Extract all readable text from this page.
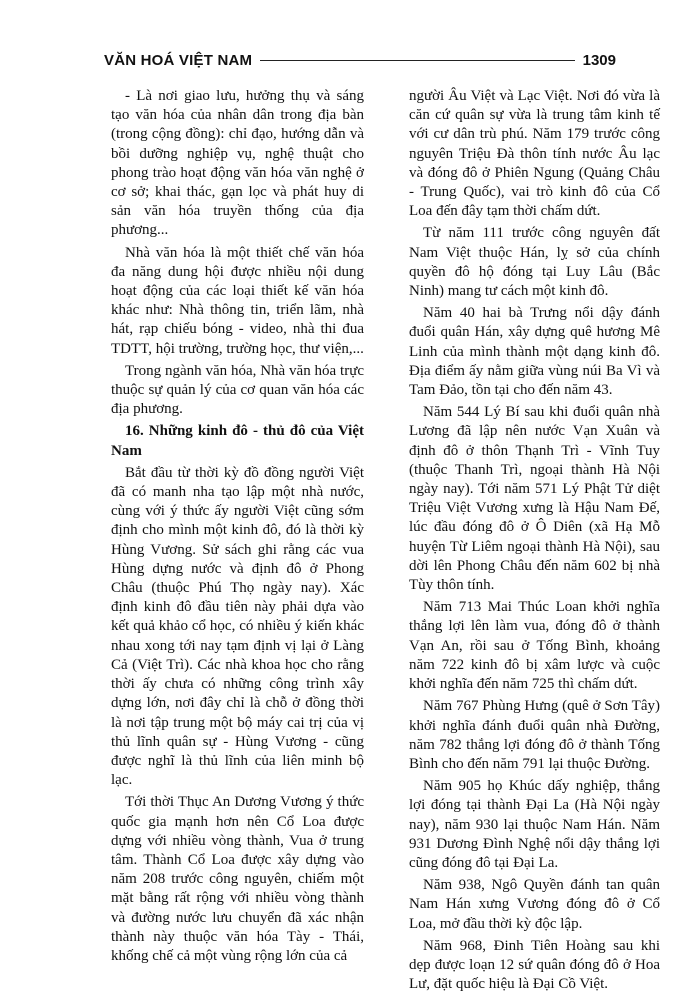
VĂN HOÁ VIỆT NAM	1309

- Là nơi giao lưu, hưởng thụ và sáng tạo văn hóa của nhân dân trong địa bàn (trong cộng đồng): chỉ đạo, hướng dẫn và bồi dưỡng nghiệp vụ, nghệ thuật cho phong trào hoạt động văn hóa văn nghệ ở cơ sở; khai thác, gạn lọc và phát huy di sản văn hóa truyền thống của địa phương...

Nhà văn hóa là một thiết chế văn hóa đa năng dung hội được nhiều nội dung hoạt động của các loại thiết kế văn hóa khác như: Nhà thông tin, triển lãm, nhà hát, rạp chiếu bóng - video, nhà thi đua TDTT, hội trường, trường học, thư viện,...

Trong ngành văn hóa, Nhà văn hóa trực thuộc sự quản lý của cơ quan văn hóa các địa phương.

16. Những kinh đô - thủ đô của Việt Nam

Bắt đầu từ thời kỳ đồ đồng người Việt đã có manh nha tạo lập một nhà nước, cùng với ý thức ấy người Việt cũng sớm định cho mình một kinh đô, đó là thời kỳ Hùng Vương. Sử sách ghi rằng các vua Hùng dựng nước và định đô ở Phong Châu (thuộc Phú Thọ ngày nay). Xác định kinh đô đầu tiên này phải dựa vào kết quả khảo cổ học, có nhiều ý kiến khác nhau xong tới nay tạm định vị lại ở Làng Cả (Việt Trì). Các nhà khoa học cho rằng thời ấy chưa có những công trình xây dựng lớn, nơi đây chỉ là chỗ ở đồng thời là nơi tập trung một bộ máy cai trị của vị thủ lĩnh quân sự - Hùng Vương - cũng được nghĩ là thủ lĩnh của liên minh bộ lạc.

Tới thời Thục An Dương Vương ý thức quốc gia mạnh hơn nên Cổ Loa được dựng với nhiều vòng thành, Vua ở trung tâm. Thành Cổ Loa được xây dựng vào năm 208 trước công nguyên, chiếm một mặt bằng rất rộng với nhiều vòng thành và đường nước lưu chuyển đã xác nhận thành này thuộc văn hóa Tày - Thái, khống chế cả một vùng rộng lớn của cả

người Âu Việt và Lạc Việt. Nơi đó vừa là căn cứ quân sự vừa là trung tâm kinh tế với cư dân trù phú. Năm 179 trước công nguyên Triệu Đà thôn tính nước Âu lạc và đóng đô ở Phiên Ngung (Quảng Châu - Trung Quốc), vai trò kinh đô của Cổ Loa đến đây tạm thời chấm dứt.

Từ năm 111 trước công nguyên đất Nam Việt thuộc Hán, lỵ sở của chính quyền đô hộ đóng tại Luy Lâu (Bắc Ninh) mang tư cách một kinh đô.

Năm 40 hai bà Trưng nổi dậy đánh đuổi quân Hán, xây dựng quê hương Mê Linh của mình thành một dạng kinh đô. Địa điểm ấy nằm giữa vùng núi Ba Vì và Tam Đảo, tồn tại cho đến năm 43.

Năm 544 Lý Bí sau khi đuổi quân nhà Lương đã lập nên nước Vạn Xuân và định đô ở thôn Thạnh Trì - Vĩnh Tuy (thuộc Thanh Trì, ngoại thành Hà Nội ngày nay). Tới năm 571 Lý Phật Tử diệt Triệu Việt Vương xưng là Hậu Nam Đế, lúc đầu đóng đô ở Ô Diên (xã Hạ Mỗ huyện Từ Liêm ngoại thành Hà Nội), sau dời lên Phong Châu đến năm 602 bị nhà Tùy thôn tính.

Năm 713 Mai Thúc Loan khởi nghĩa thắng lợi lên làm vua, đóng đô ở thành Vạn An, rồi sau ở Tống Bình, khoảng năm 722 kinh đô bị xâm lược và cuộc khởi nghĩa đến năm 725 thì chấm dứt.

Năm 767 Phùng Hưng (quê ở Sơn Tây) khởi nghĩa đánh đuổi quân nhà Đường, năm 782 thắng lợi đóng đô ở thành Tống Bình cho đến năm 791 lại thuộc Đường.

Năm 905 họ Khúc dấy nghiệp, thắng lợi đóng tại thành Đại La (Hà Nội ngày nay), năm 930 lại thuộc Nam Hán. Năm 931 Dương Đình Nghệ nổi dậy thắng lợi cũng đóng đô tại Đại La.

Năm 938, Ngô Quyền đánh tan quân Nam Hán xưng Vương đóng đô ở Cổ Loa, mở đầu thời kỳ độc lập.

Năm 968, Đinh Tiên Hoàng sau khi dẹp được loạn 12 sứ quân đóng đô ở Hoa Lư, đặt quốc hiệu là Đại Cồ Việt.
